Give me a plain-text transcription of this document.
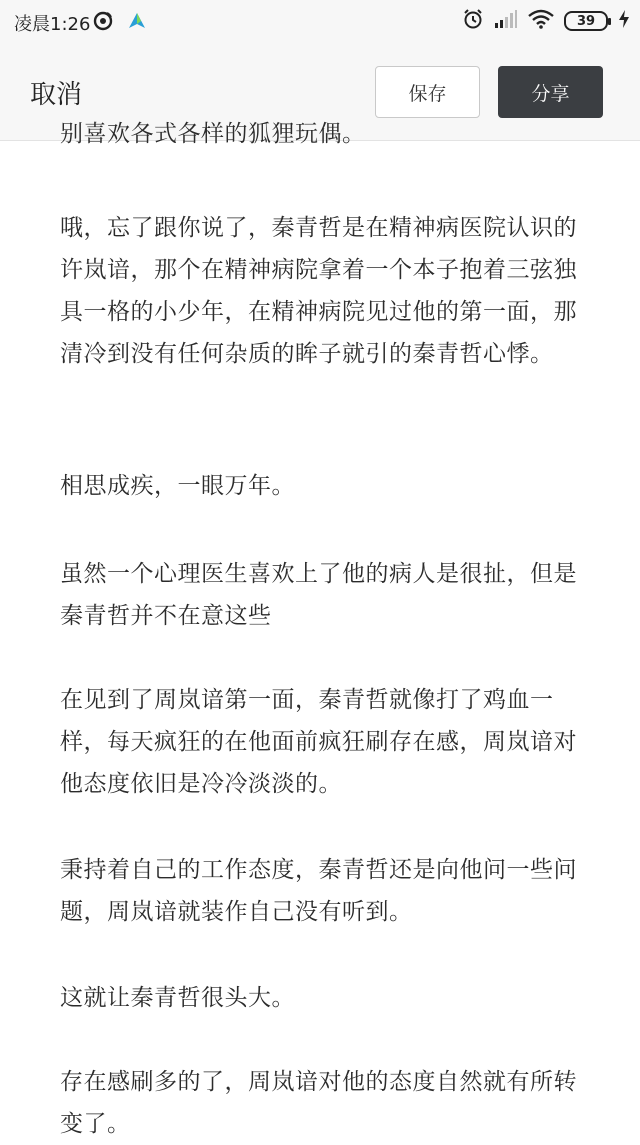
凌晨1:26	39
取消	保存	分享

别喜欢各式各样的狐狸玩偶。

哦，忘了跟你说了，秦青哲是在精神病医院认识的许岚谙，那个在精神病院拿着一个本子抱着三弦独具一格的小少年，在精神病院见过他的第一面，那清冷到没有任何杂质的眸子就引的秦青哲心悸。

相思成疾，一眼万年。

虽然一个心理医生喜欢上了他的病人是很扯，但是秦青哲并不在意这些

在见到了周岚谙第一面，秦青哲就像打了鸡血一样，每天疯狂的在他面前疯狂刷存在感，周岚谙对他态度依旧是冷冷淡淡的。

秉持着自己的工作态度，秦青哲还是向他问一些问题，周岚谙就装作自己没有听到。

这就让秦青哲很头大。

存在感刷多的了，周岚谙对他的态度自然就有所转变了。
